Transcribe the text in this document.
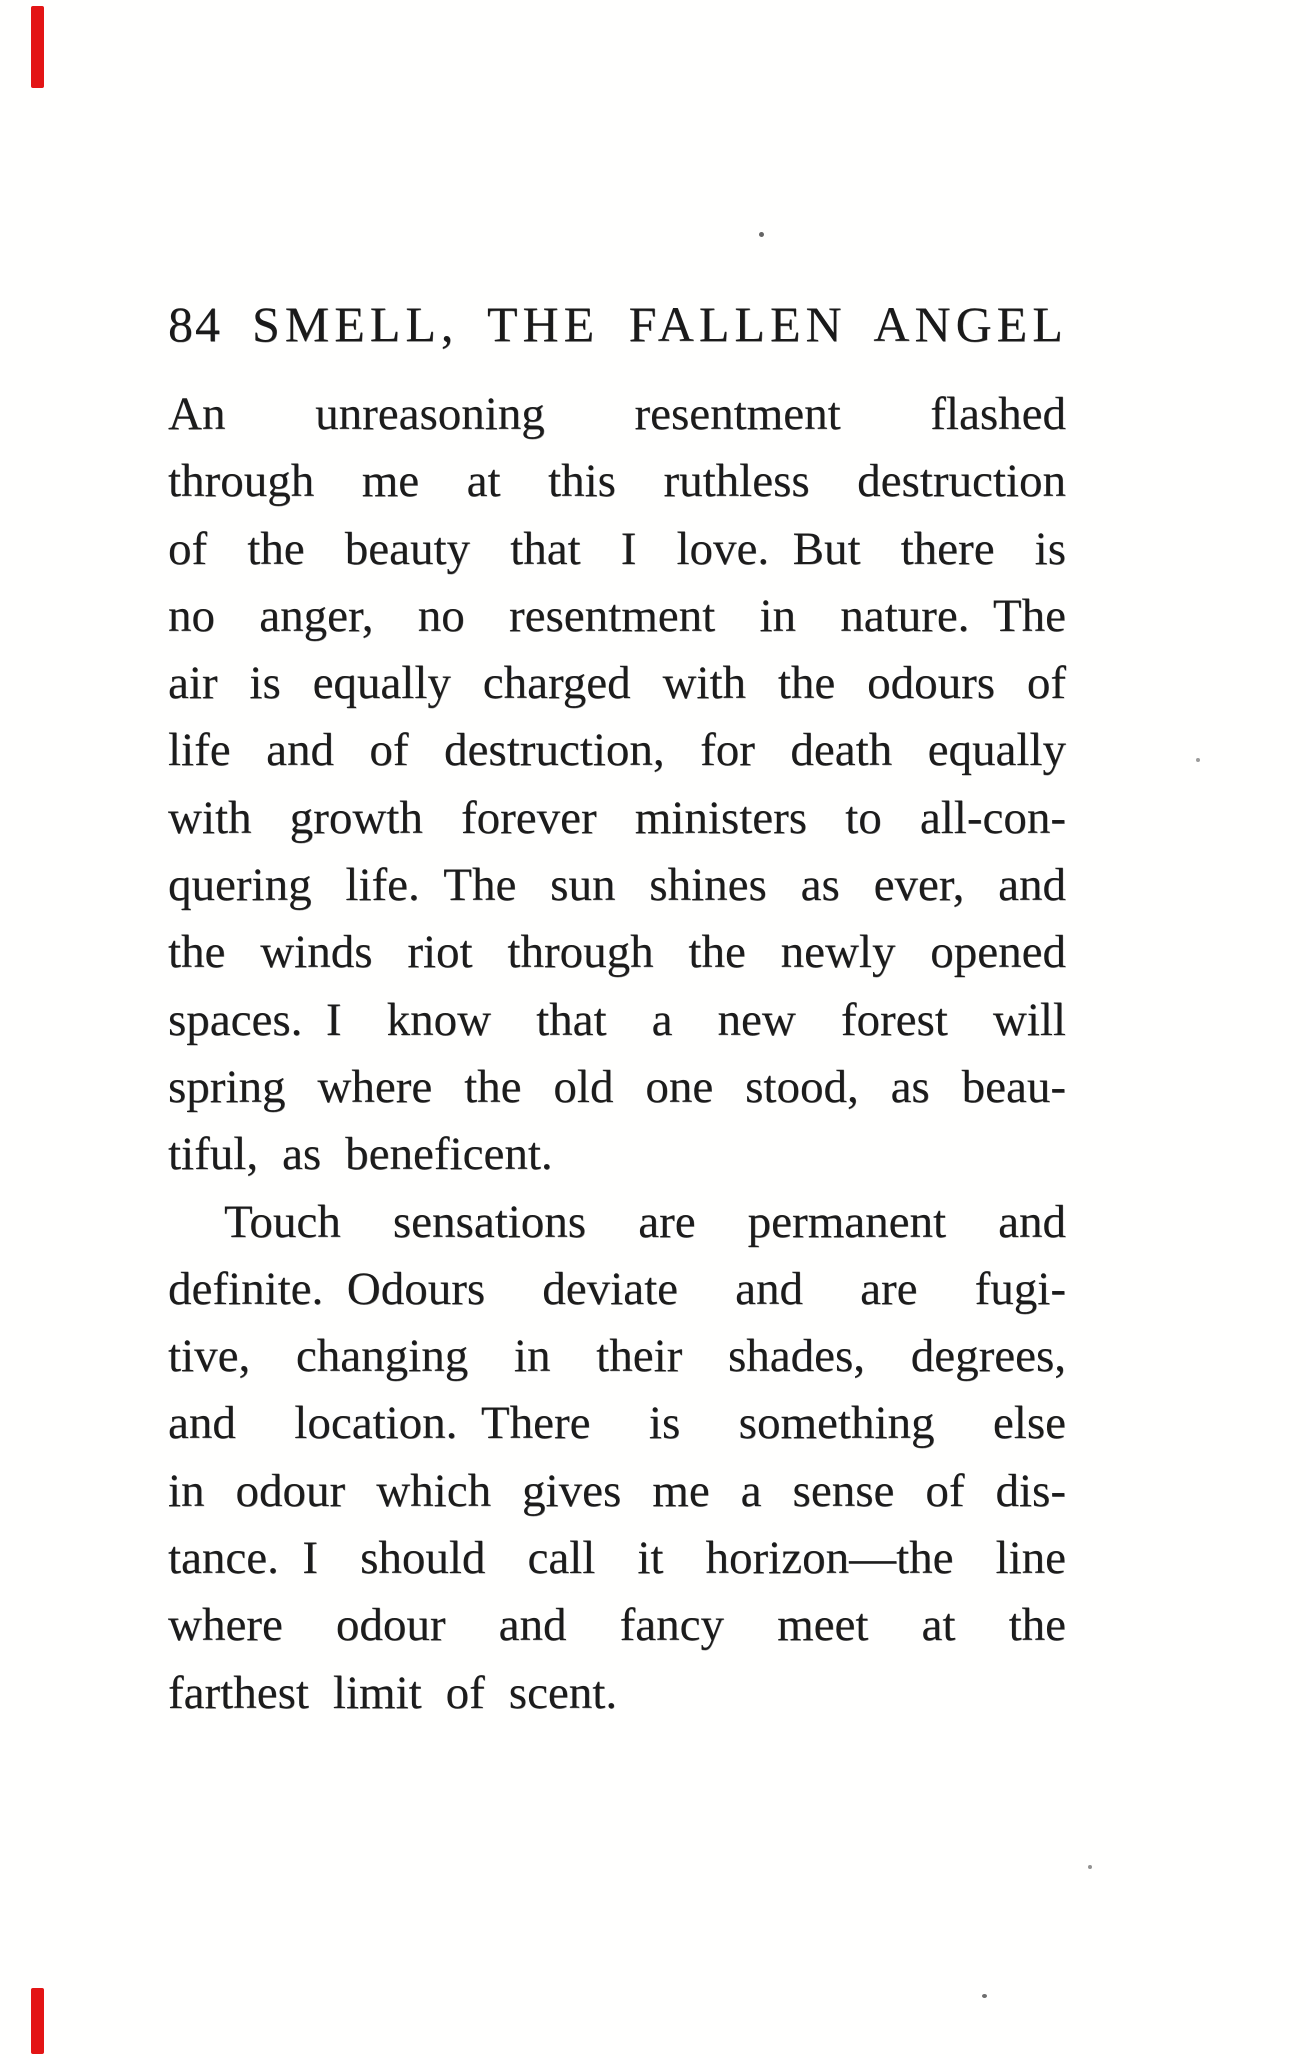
84 SMELL, THE FALLEN ANGEL
An unreasoning resentment flashed
through me at this ruthless destruction
of the beauty that I love. But there is
no anger, no resentment in nature. The
air is equally charged with the odours of
life and of destruction, for death equally
with growth forever ministers to all-con-
quering life. The sun shines as ever, and
the winds riot through the newly opened
spaces. I know that a new forest will
spring where the old one stood, as beau-
tiful, as beneficent.
Touch sensations are permanent and
definite. Odours deviate and are fugi-
tive, changing in their shades, degrees,
and location. There is something else
in odour which gives me a sense of dis-
tance. I should call it horizon—the line
where odour and fancy meet at the
farthest limit of scent.
